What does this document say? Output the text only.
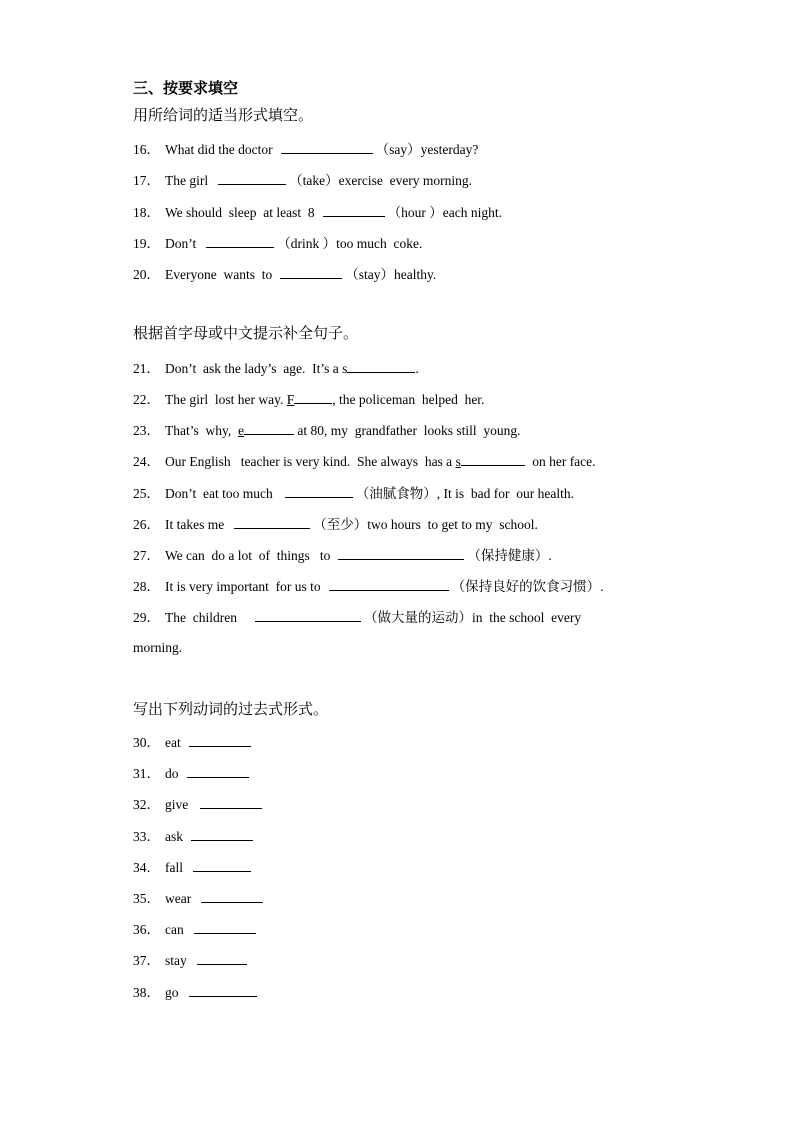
三、按要求填空
用所给词的适当形式填空。
16． What did the doctor	（say）yesterday?
17． The girl	（take）exercise  every morning.
18． We should  sleep  at least  8	（hour ）each night.
19． Don’t	（drink ）too much  coke.
20． Everyone  wants  to	（stay）healthy.
根据首字母或中文提示补全句子。
21． Don’t  ask the lady’s  age.  It’s a s	.
22． The girl  lost her way. F	, the policeman  helped  her.
23． That’s  why, e	at 80, my  grandfather  looks still  young.
24． Our English   teacher is very kind.  She always  has a s	on her face.
25． Don’t  eat too much	（油腻食物）, It is  bad for  our health.
26． It takes me	（至少）two hours  to get to my  school.
27． We can  do a lot  of  things   to	（保持健康）.
28． It is very important  for us to	（保持良好的饮食习惯）.
29． The  children	（做大量的运动）in  the school  every
morning.
写出下列动词的过去式形式。
30． eat
31． do
32． give
33． ask
34． fall
35． wear
36． can
37． stay
38． go
